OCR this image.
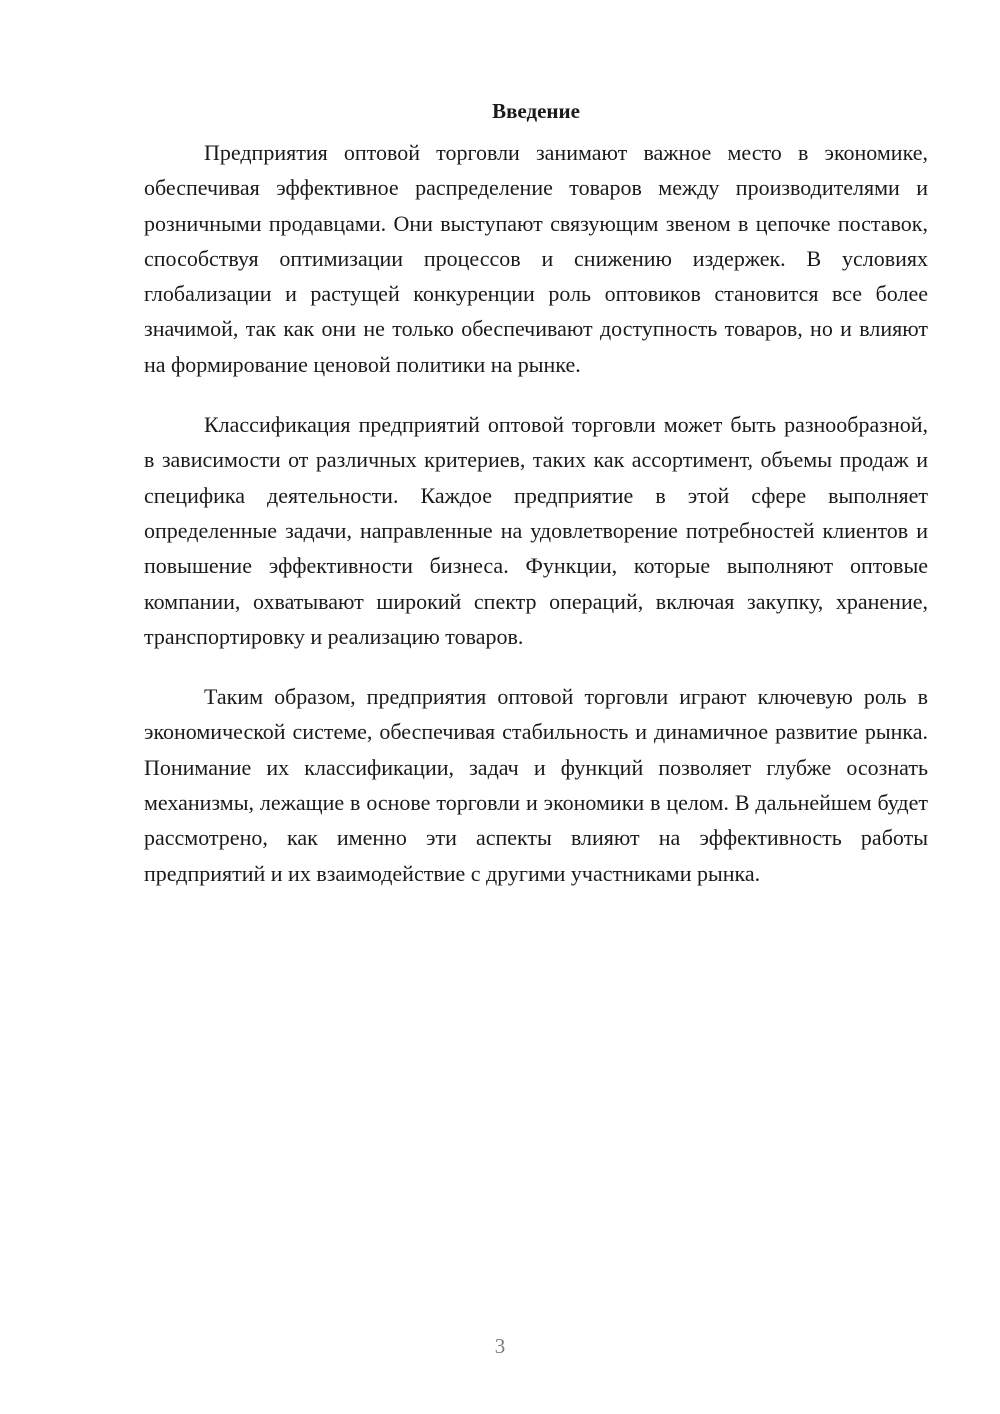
Введение

Предприятия оптовой торговли занимают важное место в экономике, обеспечивая эффективное распределение товаров между производителями и розничными продавцами. Они выступают связующим звеном в цепочке поставок, способствуя оптимизации процессов и снижению издержек. В условиях глобализации и растущей конкуренции роль оптовиков становится все более значимой, так как они не только обеспечивают доступность товаров, но и влияют на формирование ценовой политики на рынке.

Классификация предприятий оптовой торговли может быть разнообразной, в зависимости от различных критериев, таких как ассортимент, объемы продаж и специфика деятельности. Каждое предприятие в этой сфере выполняет определенные задачи, направленные на удовлетворение потребностей клиентов и повышение эффективности бизнеса. Функции, которые выполняют оптовые компании, охватывают широкий спектр операций, включая закупку, хранение, транспортировку и реализацию товаров.

Таким образом, предприятия оптовой торговли играют ключевую роль в экономической системе, обеспечивая стабильность и динамичное развитие рынка. Понимание их классификации, задач и функций позволяет глубже осознать механизмы, лежащие в основе торговли и экономики в целом. В дальнейшем будет рассмотрено, как именно эти аспекты влияют на эффективность работы предприятий и их взаимодействие с другими участниками рынка.

3
